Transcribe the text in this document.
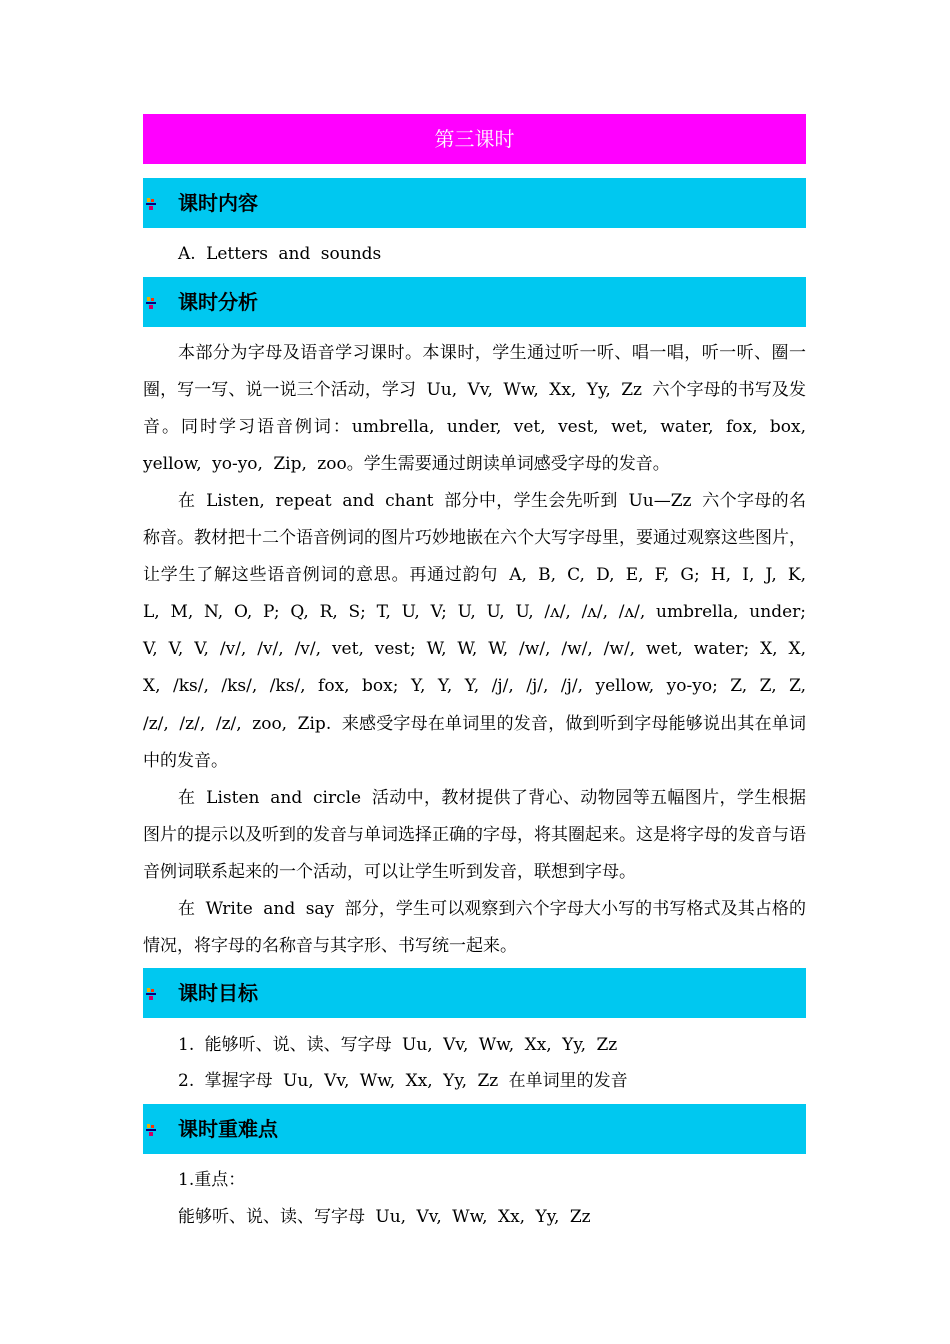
第三课时
课时内容

A. Letters and sounds

课时分析

本部分为字母及语音学习课时。本课时，学生通过听一听、唱一唱，听一听、圈一圈，写一写、说一说三个活动，学习 Uu, Vv, Ww, Xx, Yy, Zz 六个字母的书写及发音。同时学习语音例词：umbrella, under, vet, vest, wet, water, fox, box, yellow, yo-yo, Zip, zoo。学生需要通过朗读单词感受字母的发音。

在 Listen, repeat and chant 部分中，学生会先听到 Uu—Zz 六个字母的名称音。教材把十二个语音例词的图片巧妙地嵌在六个大写字母里，要通过观察这些图片，让学生了解这些语音例词的意思。再通过韵句 A, B, C, D, E, F, G; H, I, J, K, L, M, N, O, P; Q, R, S; T, U, V; U, U, U, /ʌ/, /ʌ/, /ʌ/, umbrella, under; V, V, V, /v/, /v/, /v/, vet, vest; W, W, W, /w/, /w/, /w/, wet, water; X, X, X, /ks/, /ks/, /ks/, fox, box; Y, Y, Y, /j/, /j/, /j/, yellow, yo-yo; Z, Z, Z, /z/, /z/, /z/, zoo, Zip. 来感受字母在单词里的发音，做到听到字母能够说出其在单词中的发音。

在 Listen and circle 活动中，教材提供了背心、动物园等五幅图片，学生根据图片的提示以及听到的发音与单词选择正确的字母，将其圈起来。这是将字母的发音与语音例词联系起来的一个活动，可以让学生听到发音，联想到字母。

在 Write and say 部分，学生可以观察到六个字母大小写的书写格式及其占格的情况，将字母的名称音与其字形、书写统一起来。

课时目标

1. 能够听、说、读、写字母 Uu, Vv, Ww, Xx, Yy, Zz

2. 掌握字母 Uu, Vv, Ww, Xx, Yy, Zz 在单词里的发音

课时重难点

1.重点：

能够听、说、读、写字母 Uu, Vv, Ww, Xx, Yy, Zz
